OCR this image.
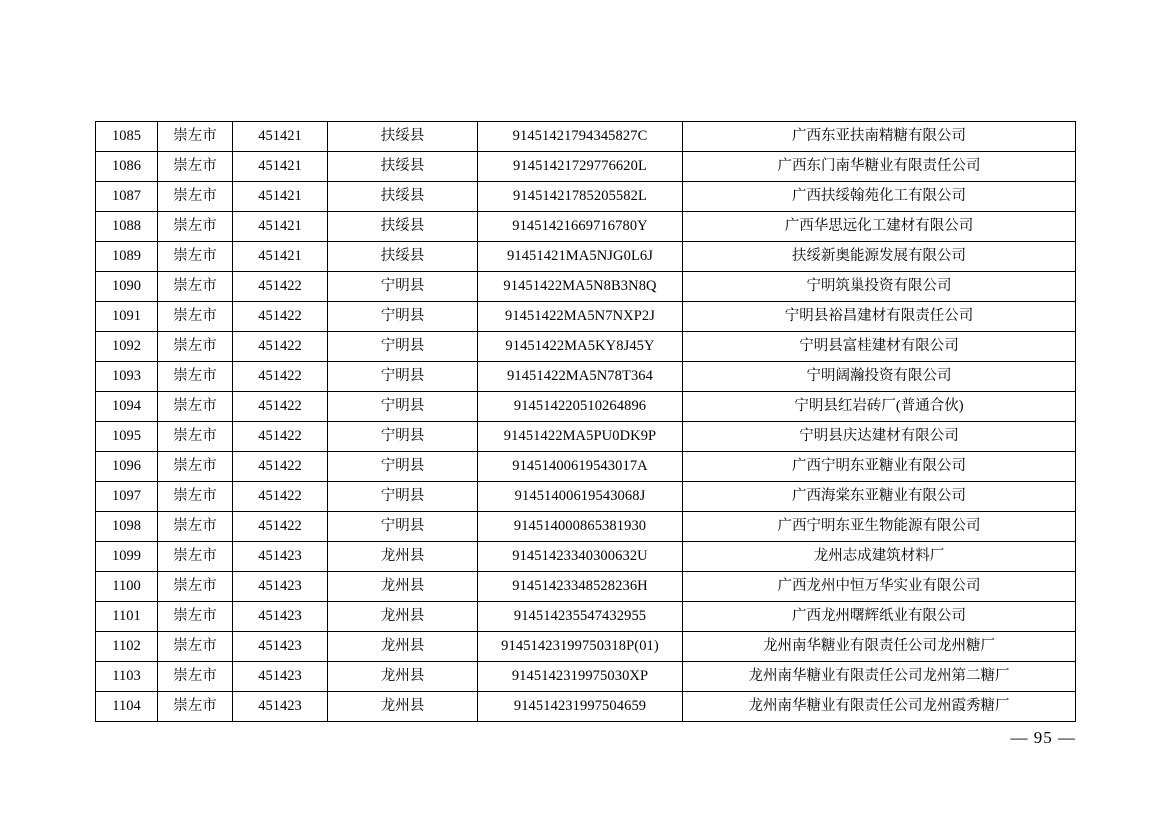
1085	崇左市	451421	扶绥县	91451421794345827C	广西东亚扶南精糖有限公司
1086	崇左市	451421	扶绥县	91451421729776620L	广西东门南华糖业有限责任公司
1087	崇左市	451421	扶绥县	91451421785205582L	广西扶绥翰苑化工有限公司
1088	崇左市	451421	扶绥县	91451421669716780Y	广西华思远化工建材有限公司
1089	崇左市	451421	扶绥县	91451421MA5NJG0L6J	扶绥新奥能源发展有限公司
1090	崇左市	451422	宁明县	91451422MA5N8B3N8Q	宁明筑巢投资有限公司
1091	崇左市	451422	宁明县	91451422MA5N7NXP2J	宁明县裕昌建材有限责任公司
1092	崇左市	451422	宁明县	91451422MA5KY8J45Y	宁明县富桂建材有限公司
1093	崇左市	451422	宁明县	91451422MA5N78T364	宁明阔瀚投资有限公司
1094	崇左市	451422	宁明县	914514220510264896	宁明县红岩砖厂(普通合伙)
1095	崇左市	451422	宁明县	91451422MA5PU0DK9P	宁明县庆达建材有限公司
1096	崇左市	451422	宁明县	91451400619543017A	广西宁明东亚糖业有限公司
1097	崇左市	451422	宁明县	91451400619543068J	广西海棠东亚糖业有限公司
1098	崇左市	451422	宁明县	914514000865381930	广西宁明东亚生物能源有限公司
1099	崇左市	451423	龙州县	91451423340300632U	龙州志成建筑材料厂
1100	崇左市	451423	龙州县	91451423348528236H	广西龙州中恒万华实业有限公司
1101	崇左市	451423	龙州县	914514235547432955	广西龙州曙辉纸业有限公司
1102	崇左市	451423	龙州县	91451423199750318P(01)	龙州南华糖业有限责任公司龙州糖厂
1103	崇左市	451423	龙州县	9145142319975030XP	龙州南华糖业有限责任公司龙州第二糖厂
1104	崇左市	451423	龙州县	914514231997504659	龙州南华糖业有限责任公司龙州霞秀糖厂
— 95 —
